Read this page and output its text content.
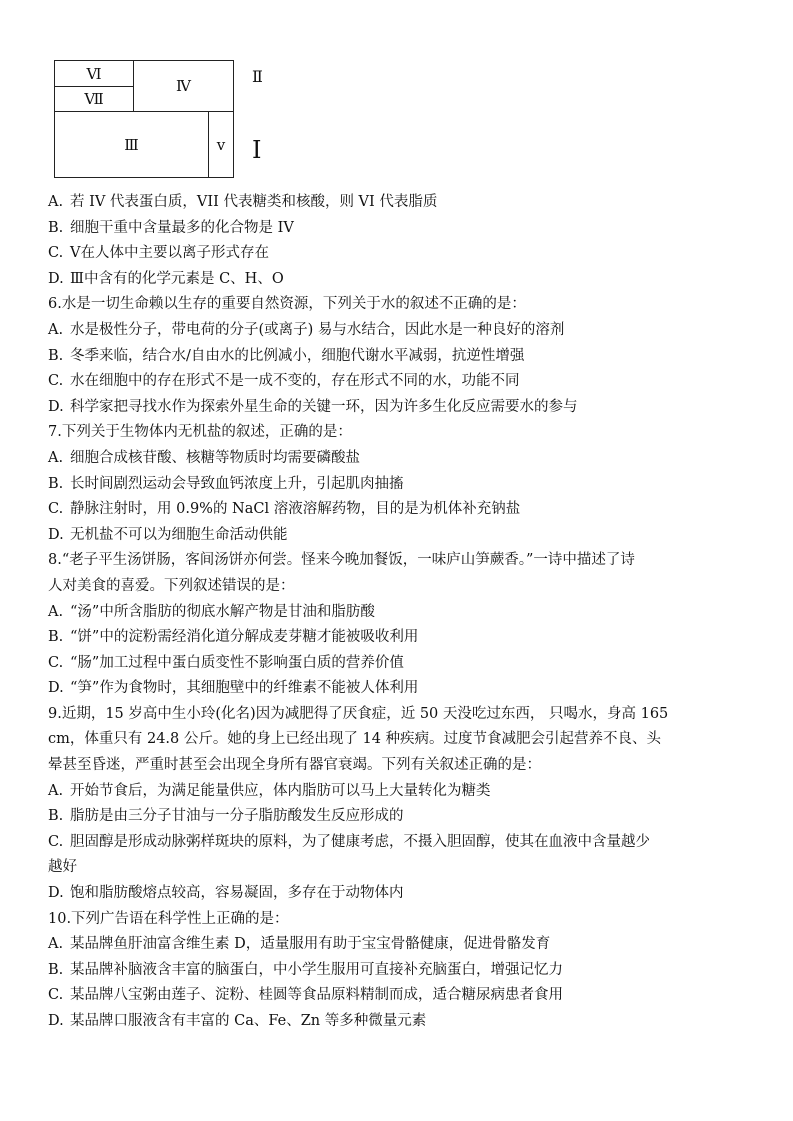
Ⅵ
Ⅶ
Ⅳ
Ⅲ	v
Ⅱ
Ⅰ
A. 若 IV 代表蛋白质，VII 代表糖类和核酸，则 VI 代表脂质
B. 细胞干重中含量最多的化合物是 IV
C. V在人体中主要以离子形式存在
D. Ⅲ中含有的化学元素是 C、H、O
6.水是一切生命赖以生存的重要自然资源，下列关于水的叙述不正确的是：
A. 水是极性分子，带电荷的分子(或离子) 易与水结合，因此水是一种良好的溶剂
B. 冬季来临，结合水/自由水的比例减小，细胞代谢水平减弱，抗逆性增强
C. 水在细胞中的存在形式不是一成不变的，存在形式不同的水，功能不同
D. 科学家把寻找水作为探索外星生命的关键一环，因为许多生化反应需要水的参与
7.下列关于生物体内无机盐的叙述，正确的是：
A. 细胞合成核苷酸、核糖等物质时均需要磷酸盐
B. 长时间剧烈运动会导致血钙浓度上升，引起肌肉抽搐
C. 静脉注射时，用 0.9%的 NaCl 溶液溶解药物，目的是为机体补充钠盐
D. 无机盐不可以为细胞生命活动供能
8.“老子平生汤饼肠，客间汤饼亦何尝。怪来今晚加餐饭，一味庐山笋蕨香。”一诗中描述了诗
人对美食的喜爱。下列叙述错误的是：
A. “汤”中所含脂肪的彻底水解产物是甘油和脂肪酸
B. “饼”中的淀粉需经消化道分解成麦芽糖才能被吸收利用
C. “肠”加工过程中蛋白质变性不影响蛋白质的营养价值
D. “笋”作为食物时，其细胞壁中的纤维素不能被人体利用
9.近期，15 岁高中生小玲(化名)因为减肥得了厌食症，近 50 天没吃过东西， 只喝水，身高 165
cm，体重只有 24.8 公斤。她的身上已经出现了 14 种疾病。过度节食减肥会引起营养不良、头
晕甚至昏迷，严重时甚至会出现全身所有器官衰竭。下列有关叙述正确的是：
A. 开始节食后，为满足能量供应，体内脂肪可以马上大量转化为糖类
B. 脂肪是由三分子甘油与一分子脂肪酸发生反应形成的
C. 胆固醇是形成动脉粥样斑块的原料，为了健康考虑，不摄入胆固醇，使其在血液中含量越少
越好
D. 饱和脂肪酸熔点较高，容易凝固，多存在于动物体内
10.下列广告语在科学性上正确的是：
A. 某品牌鱼肝油富含维生素 D，适量服用有助于宝宝骨骼健康，促进骨骼发育
B. 某品牌补脑液含丰富的脑蛋白，中小学生服用可直接补充脑蛋白，增强记忆力
C. 某品牌八宝粥由莲子、淀粉、桂圆等食品原料精制而成，适合糖尿病患者食用
D. 某品牌口服液含有丰富的 Ca、Fe、Zn 等多种微量元素
